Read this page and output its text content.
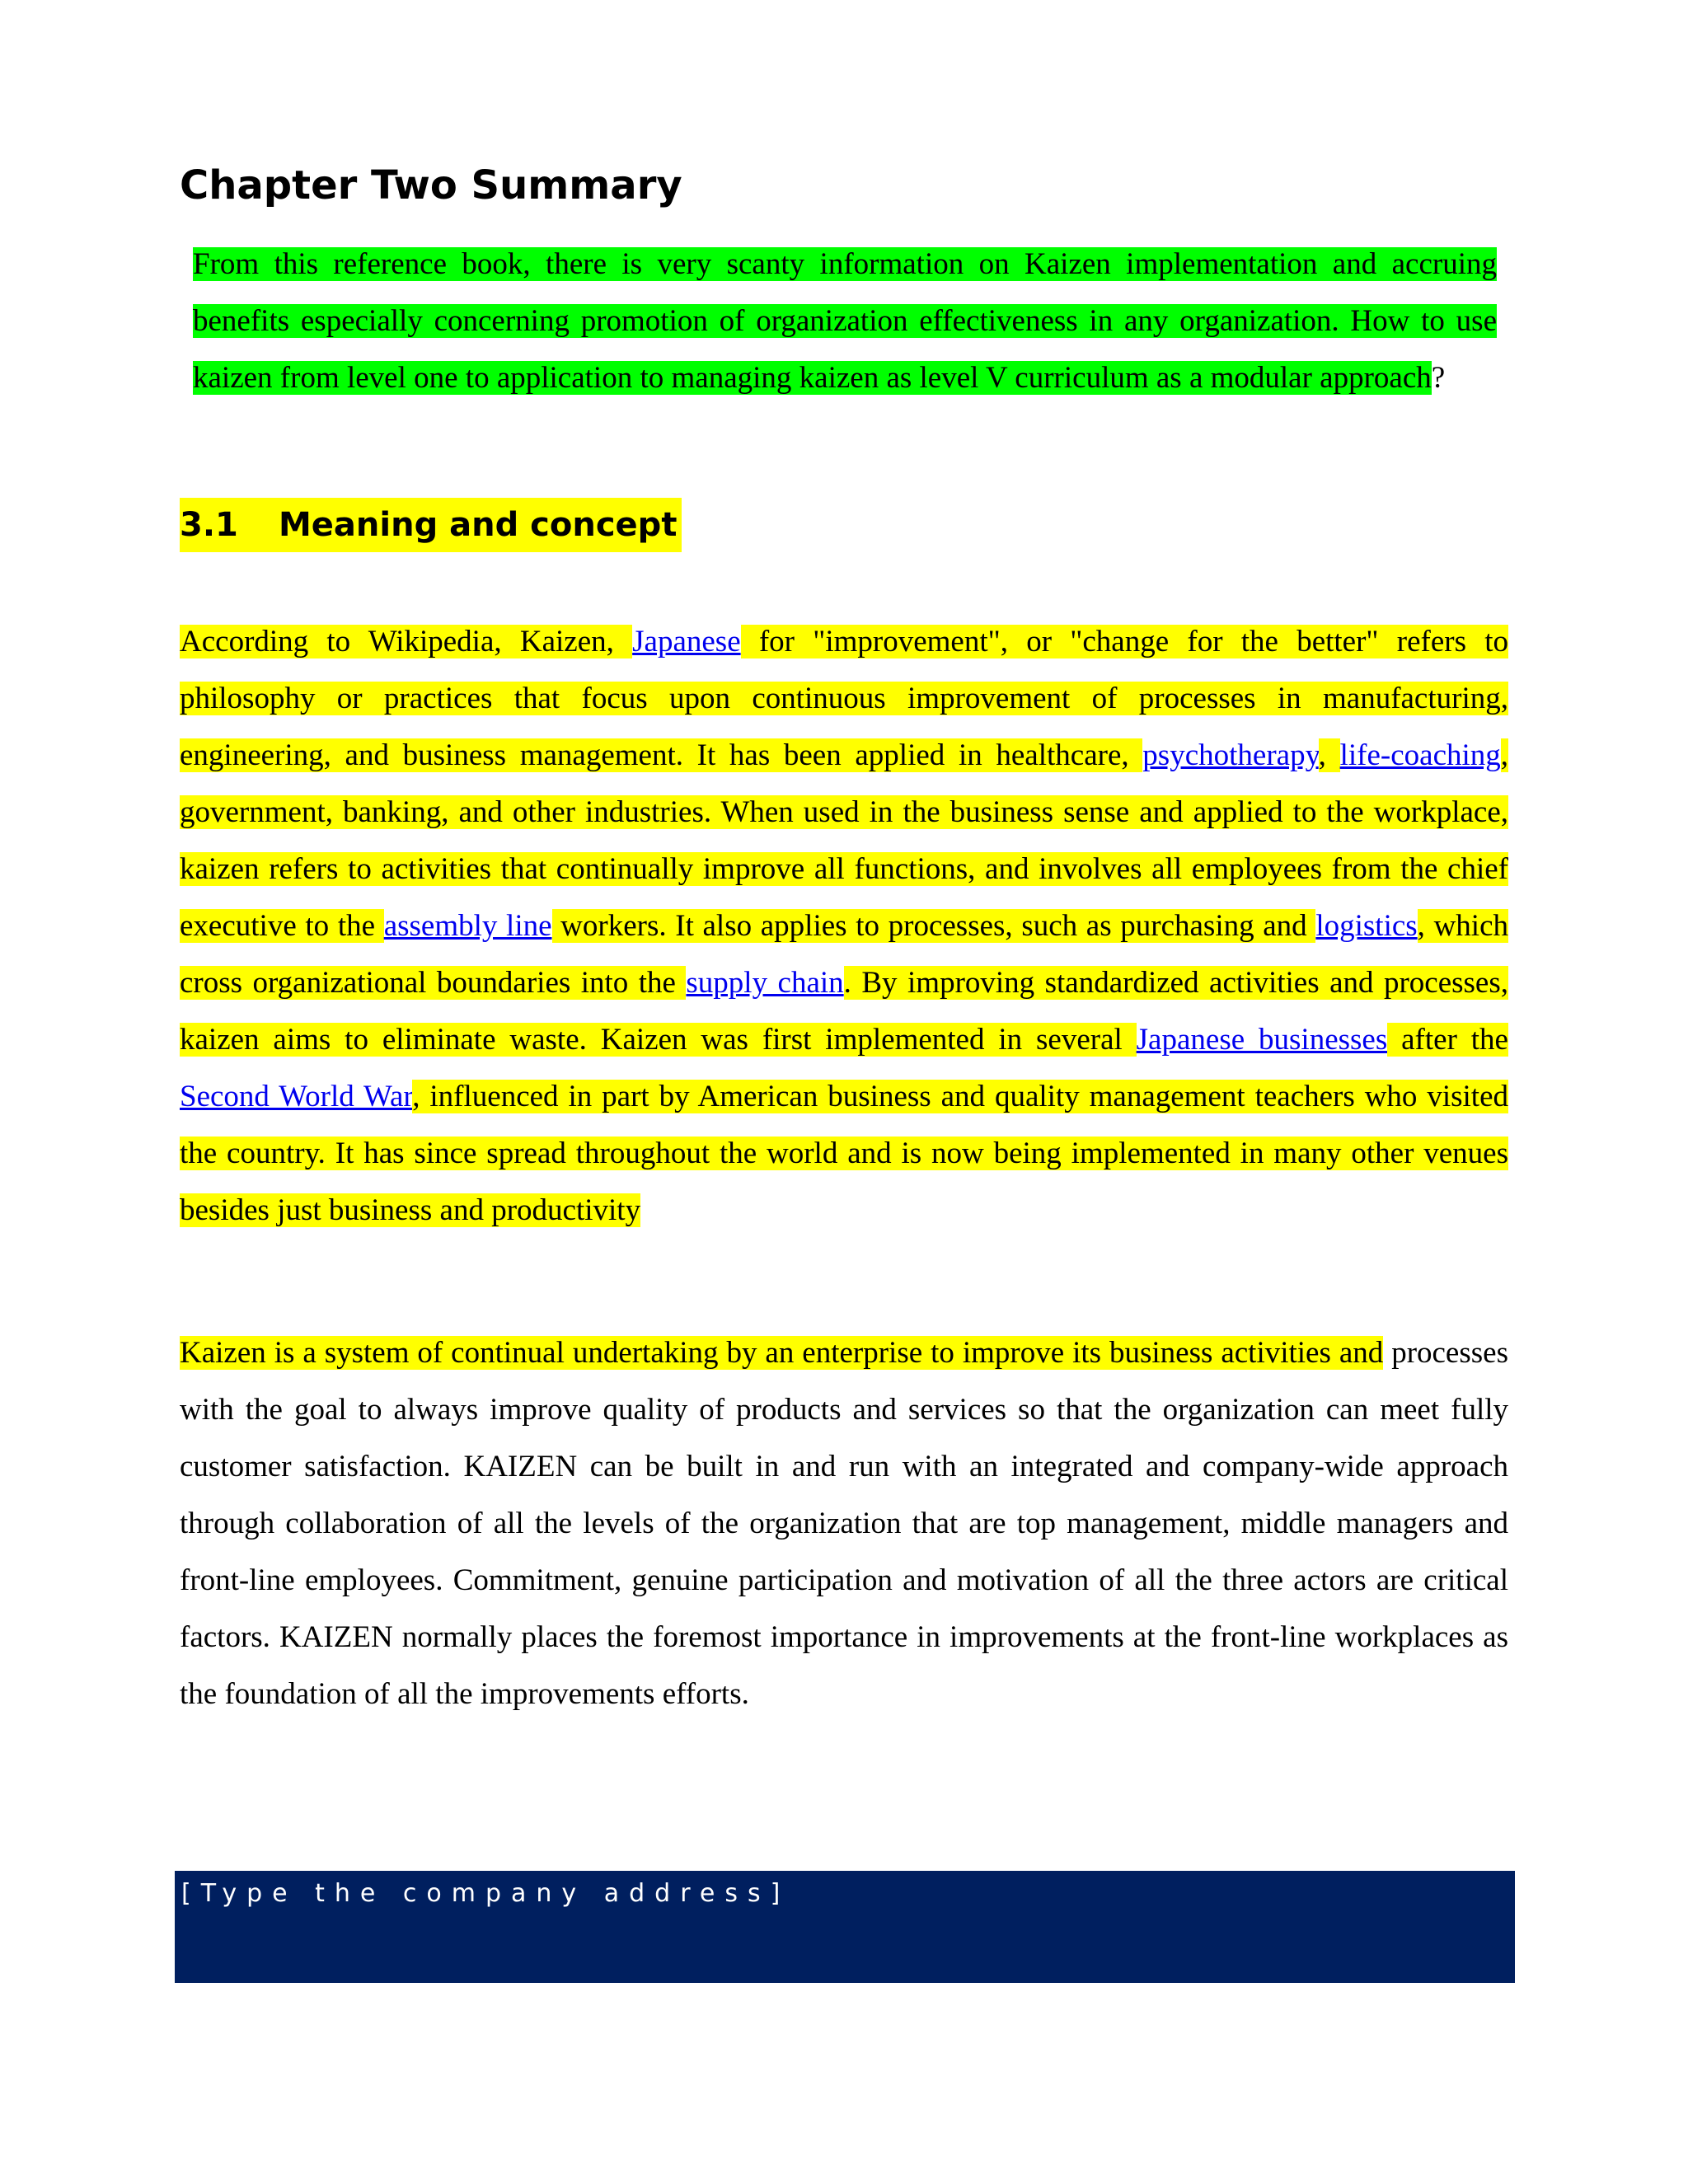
Chapter Two Summary

From this reference book, there is very scanty information on Kaizen implementation and accruing benefits especially concerning promotion of organization effectiveness in any organization. How to use kaizen from level one to application to managing kaizen as level V curriculum as a modular approach?

3.1 Meaning and concept

According to Wikipedia, Kaizen, Japanese for "improvement", or "change for the better" refers to philosophy or practices that focus upon continuous improvement of processes in manufacturing, engineering, and business management. It has been applied in healthcare, psychotherapy, life-coaching, government, banking, and other industries. When used in the business sense and applied to the workplace, kaizen refers to activities that continually improve all functions, and involves all employees from the chief executive to the assembly line workers. It also applies to processes, such as purchasing and logistics, which cross organizational boundaries into the supply chain. By improving standardized activities and processes, kaizen aims to eliminate waste. Kaizen was first implemented in several Japanese businesses after the Second World War, influenced in part by American business and quality management teachers who visited the country. It has since spread throughout the world and is now being implemented in many other venues besides just business and productivity

Kaizen is a system of continual undertaking by an enterprise to improve its business activities and processes with the goal to always improve quality of products and services so that the organization can meet fully customer satisfaction. KAIZEN can be built in and run with an integrated and company-wide approach through collaboration of all the levels of the organization that are top management, middle managers and front-line employees. Commitment, genuine participation and motivation of all the three actors are critical factors. KAIZEN normally places the foremost importance in improvements at the front-line workplaces as the foundation of all the improvements efforts.

[Type the company address]
